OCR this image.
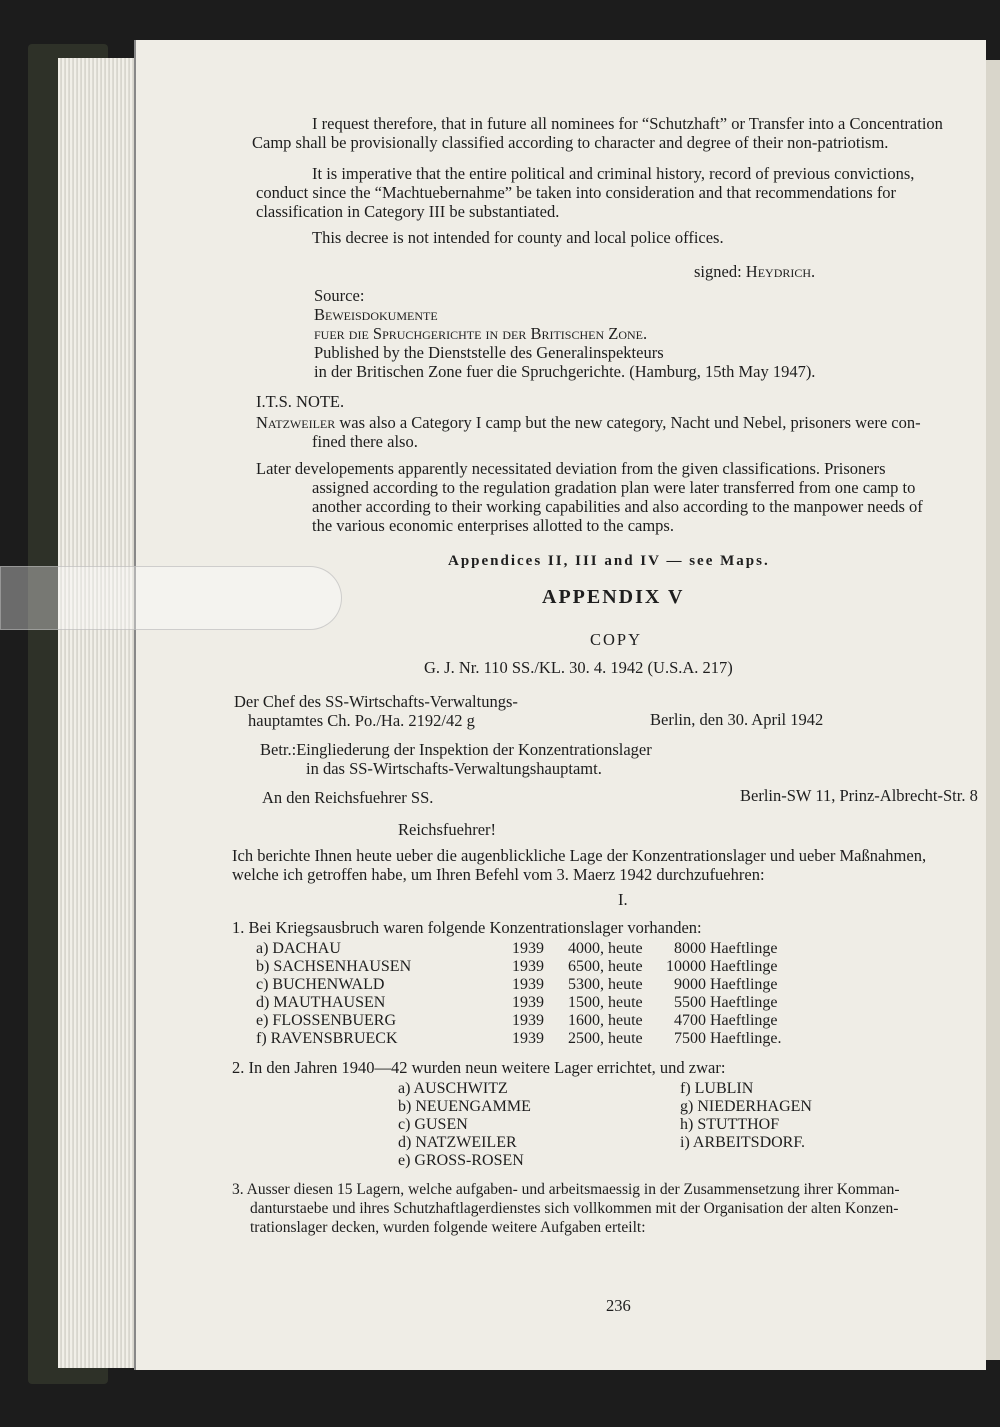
I request therefore, that in future all nominees for “Schutzhaft” or Transfer into a Concentration
Camp shall be provisionally classified according to character and degree of their non-patriotism.
It is imperative that the entire political and criminal history, record of previous convictions,
conduct since the “Machtuebernahme” be taken into consideration and that recommendations for
classification in Category III be substantiated.
This decree is not intended for county and local police offices.
signed: Heydrich.
Source:
Beweisdokumente
fuer die Spruchgerichte in der Britischen Zone.
Published by the Dienststelle des Generalinspekteurs
in der Britischen Zone fuer die Spruchgerichte. (Hamburg, 15th May 1947).
I.T.S. NOTE.
Natzweiler was also a Category I camp but the new category, Nacht und Nebel, prisoners were con-
fined there also.
Later developements apparently necessitated deviation from the given classifications. Prisoners
assigned according to the regulation gradation plan were later transferred from one camp to
another according to their working capabilities and also according to the manpower needs of
the various economic enterprises allotted to the camps.
Appendices II, III and IV — see Maps.
APPENDIX V
COPY
G. J. Nr. 110 SS./KL. 30. 4. 1942 (U.S.A. 217)
Der Chef des SS-Wirtschafts-Verwaltungs-
hauptamtes Ch. Po./Ha. 2192/42 g	Berlin, den 30. April 1942
Betr.:Eingliederung der Inspektion der Konzentrationslager
in das SS-Wirtschafts-Verwaltungshauptamt.
An den Reichsfuehrer SS.	Berlin-SW 11, Prinz-Albrecht-Str. 8
Reichsfuehrer!
Ich berichte Ihnen heute ueber die augenblickliche Lage der Konzentrationslager und ueber Maßnahmen,
welche ich getroffen habe, um Ihren Befehl vom 3. Maerz 1942 durchzufuehren:
I.
1. Bei Kriegsausbruch waren folgende Konzentrationslager vorhanden:
a) DACHAU	1939 4000, heute 8000 Haeftlinge
b) SACHSENHAUSEN	1939 6500, heute 10000 Haeftlinge
c) BUCHENWALD	1939 5300, heute 9000 Haeftlinge
d) MAUTHAUSEN	1939 1500, heute 5500 Haeftlinge
e) FLOSSENBUERG	1939 1600, heute 4700 Haeftlinge
f) RAVENSBRUECK	1939 2500, heute 7500 Haeftlinge.
2. In den Jahren 1940—42 wurden neun weitere Lager errichtet, und zwar:
a) AUSCHWITZ
b) NEUENGAMME
c) GUSEN
d) NATZWEILER
e) GROSS-ROSEN
f) LUBLIN
g) NIEDERHAGEN
h) STUTTHOF
i) ARBEITSDORF.
3. Ausser diesen 15 Lagern, welche aufgaben- und arbeitsmaessig in der Zusammensetzung ihrer Komman-
danturstaebe und ihres Schutzhaftlagerdienstes sich vollkommen mit der Organisation der alten Konzen-
trationslager decken, wurden folgende weitere Aufgaben erteilt:
236
